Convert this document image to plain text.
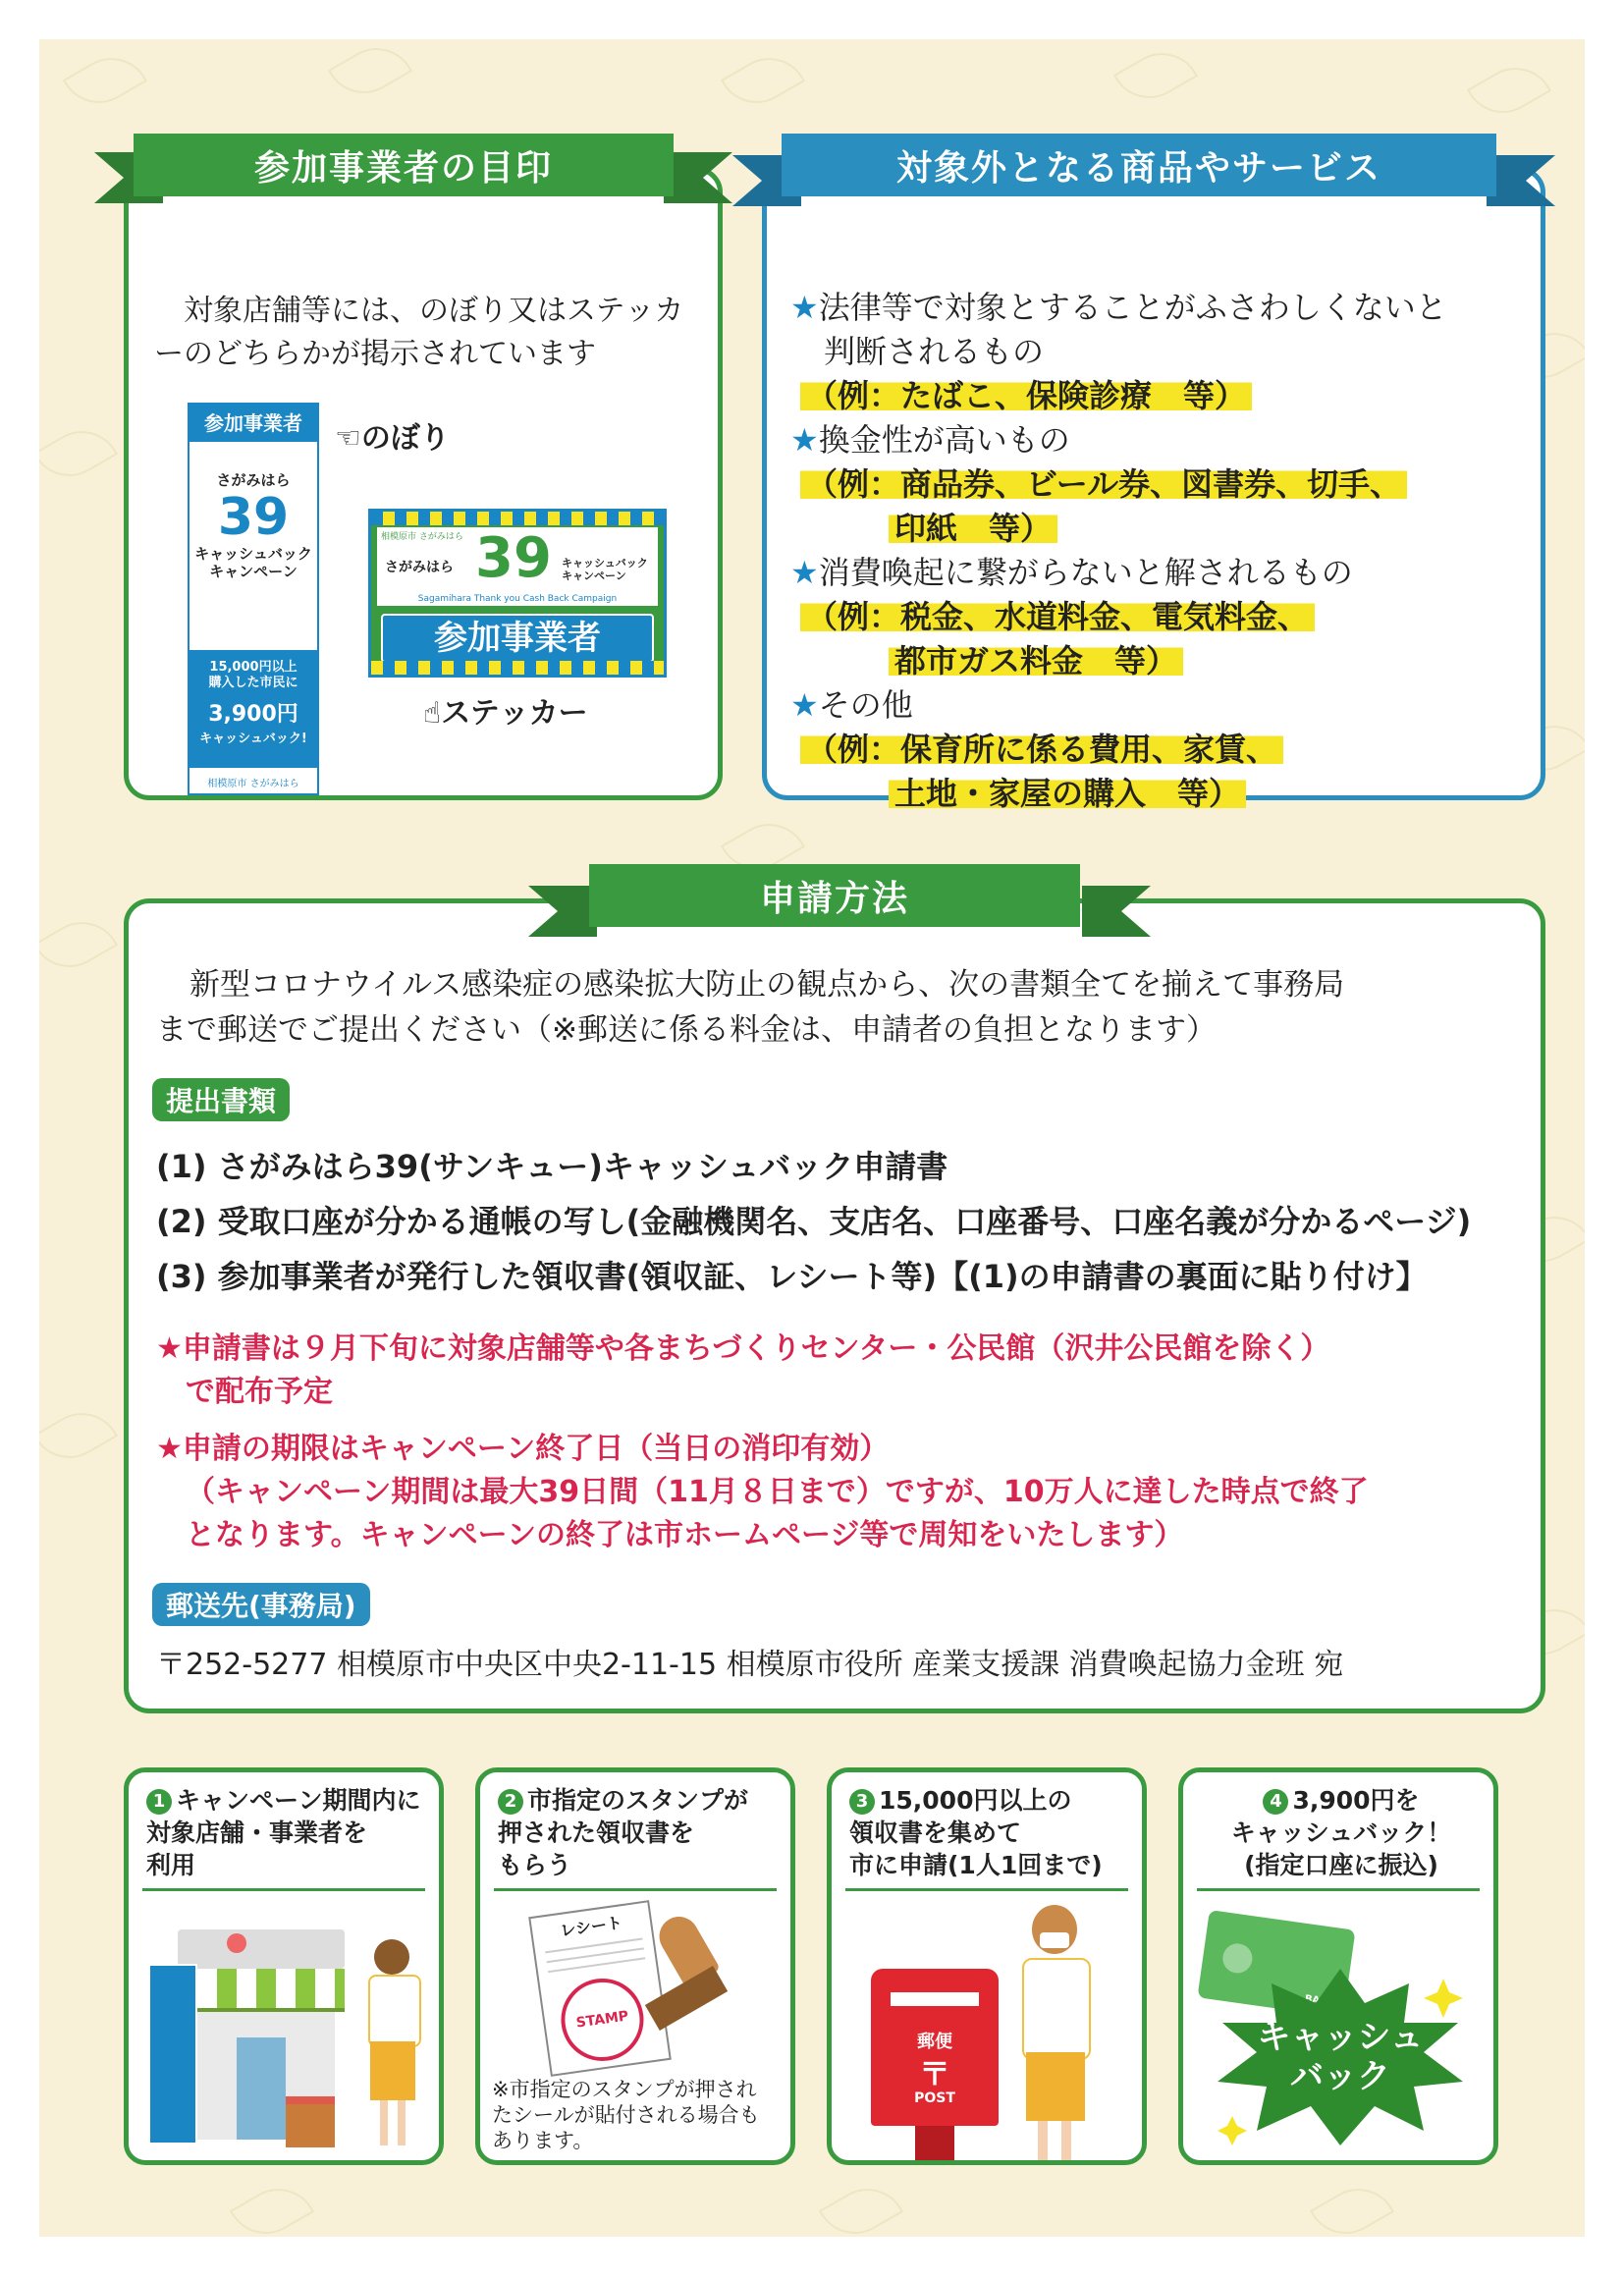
対象店舗等には、のぼり又はステッカーのどちらかが掲示されています
参加事業者
さがみはら
39
キャッシュバック
キャンペーン
15,000円以上
購入した市民に
3,900円
キャッシュバック!
相模原市 さがみはら
☜のぼり
相模原市 さがみはら
さがみはら 39 キャッシュバック
キャンペーン
Sagamihara Thank you Cash Back Campaign
参加事業者
☝ステッカー
参加事業者の目印
★法律等で対象とすることがふさわしくないと
判断されるもの
（例：たばこ、保険診療　等）
★換金性が高いもの
（例：商品券、ビール券、図書券、切手、
印紙　等）
★消費喚起に繋がらないと解されるもの
（例：税金、水道料金、電気料金、
都市ガス料金　等）
★その他
（例：保育所に係る費用、家賃、
土地・家屋の購入　等）
対象外となる商品やサービス
新型コロナウイルス感染症の感染拡大防止の観点から、次の書類全てを揃えて事務局
まで郵送でご提出ください（※郵送に係る料金は、申請者の負担となります）
提出書類
(1) さがみはら39(サンキュー)キャッシュバック申請書
(2) 受取口座が分かる通帳の写し(金融機関名、支店名、口座番号、口座名義が分かるページ)
(3) 参加事業者が発行した領収書(領収証、レシート等)【(1)の申請書の裏面に貼り付け】
★申請書は９月下旬に対象店舗等や各まちづくりセンター・公民館（沢井公民館を除く）
で配布予定
★申請の期限はキャンペーン終了日（当日の消印有効）
（キャンペーン期間は最大39日間（11月８日まで）ですが、10万人に達した時点で終了
となります。キャンペーンの終了は市ホームページ等で周知をいたします）
郵送先(事務局)
〒252-5277 相模原市中央区中央2-11-15 相模原市役所 産業支援課 消費喚起協力金班 宛
申請方法
1 キャンペーン期間内に
対象店舗・事業者を
利用
2 市指定のスタンプが
押された領収書を
もらう
レシート
STAMP
※市指定のスタンプが押されたシールが貼付される場合もあります。
3 15,000円以上の
領収書を集めて
市に申請(1人1回まで)
郵便
〒
POST
4 3,900円を
キャッシュバック！
(指定口座に振込)
キャッシュ
バック
